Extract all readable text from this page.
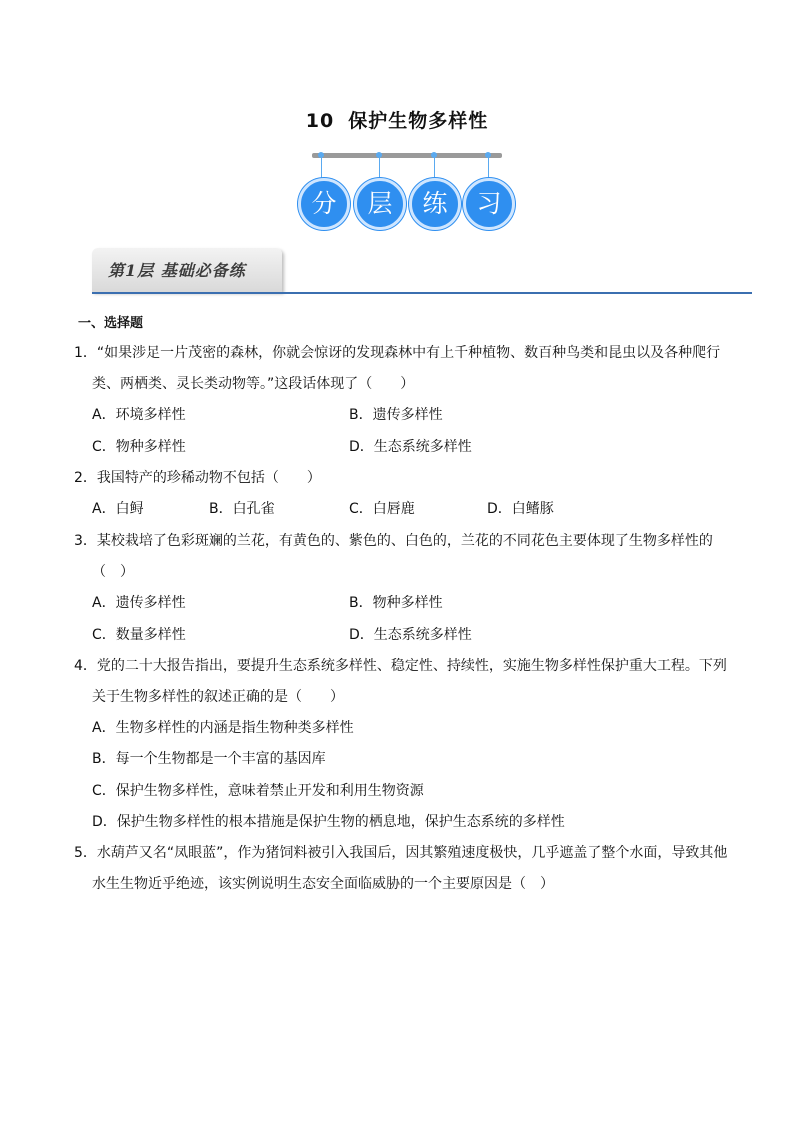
10 保护生物多样性
分	层	练	习
第1层 基础必备练
一、选择题
1．“如果涉足一片茂密的森林，你就会惊讶的发现森林中有上千种植物、数百种鸟类和昆虫以及各种爬行
类、两栖类、灵长类动物等。”这段话体现了（　　）
A．环境多样性	B．遗传多样性
C．物种多样性	D．生态系统多样性
2．我国特产的珍稀动物不包括（　　）
A．白鲟	B．白孔雀	C．白唇鹿	D．白鳍豚
3．某校栽培了色彩斑斓的兰花，有黄色的、紫色的、白色的，兰花的不同花色主要体现了生物多样性的
（　）
A．遗传多样性	B．物种多样性
C．数量多样性	D．生态系统多样性
4．党的二十大报告指出，要提升生态系统多样性、稳定性、持续性，实施生物多样性保护重大工程。下列
关于生物多样性的叙述正确的是（　　）
A．生物多样性的内涵是指生物种类多样性
B．每一个生物都是一个丰富的基因库
C．保护生物多样性，意味着禁止开发和利用生物资源
D．保护生物多样性的根本措施是保护生物的栖息地，保护生态系统的多样性
5．水葫芦又名“凤眼蓝”，作为猪饲料被引入我国后，因其繁殖速度极快，几乎遮盖了整个水面，导致其他
水生生物近乎绝迹，该实例说明生态安全面临威胁的一个主要原因是（　）
